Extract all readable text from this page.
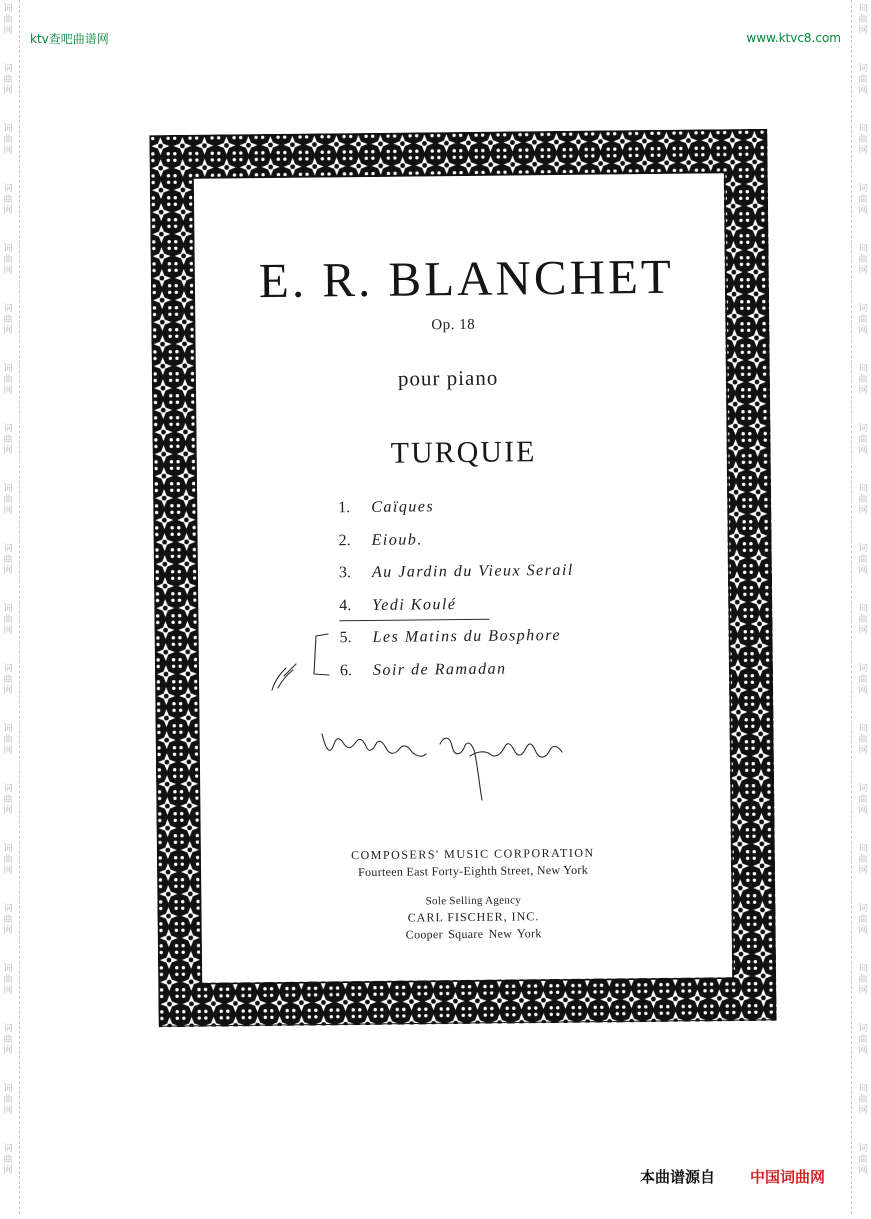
词
曲
网
词
曲
网
词
曲
网
词
曲
网
词
曲
网
词
曲
网
词
曲
网
词
曲
网
词
曲
网
词
曲
网
词
曲
网
词
曲
网
词
曲
网
词
曲
网
词
曲
网
词
曲
网
词
曲
网
词
曲
网
词
曲
网
词
曲
网
词
曲
网
词
曲
网
词
曲
网
词
曲
网
词
曲
网
词
曲
网
词
曲
网
词
曲
网
词
曲
网
词
曲
网
词
曲
网
词
曲
网
词
曲
网
词
曲
网
词
曲
网
词
曲
网
词
曲
网
词
曲
网
词
曲
网
词
曲
网
ktv查吧曲谱网	www.ktvc8.com
E. R. BLANCHET
Op. 18
pour piano
TURQUIE
1. Caïques
2. Eioub.
3. Au Jardin du Vieux Serail
4. Yedi Koulé
5. Les Matins du Bosphore
6. Soir de Ramadan
COMPOSERS' MUSIC CORPORATION
Fourteen East Forty-Eighth Street, New York
Sole Selling Agency
CARL FISCHER, INC.
Cooper Square New York
本曲谱源自 中国词曲网
